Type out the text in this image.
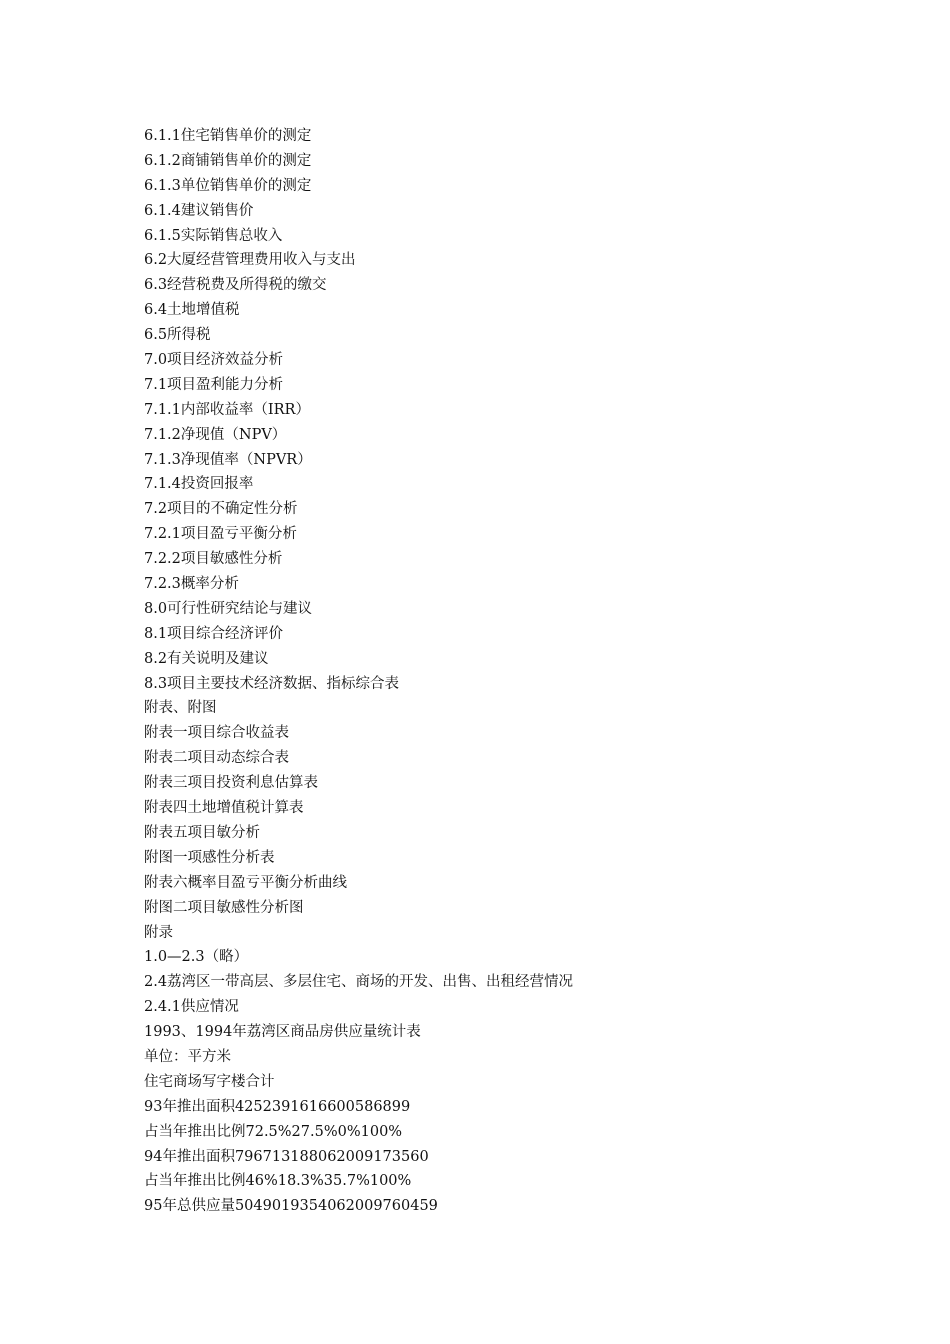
6.1.1住宅销售单价的测定
6.1.2商铺销售单价的测定
6.1.3单位销售单价的测定
6.1.4建议销售价
6.1.5实际销售总收入
6.2大厦经营管理费用收入与支出
6.3经营税费及所得税的缴交
6.4土地增值税
6.5所得税
7.0项目经济效益分析
7.1项目盈利能力分析
7.1.1内部收益率（IRR）
7.1.2净现值（NPV）
7.1.3净现值率（NPVR）
7.1.4投资回报率
7.2项目的不确定性分析
7.2.1项目盈亏平衡分析
7.2.2项目敏感性分析
7.2.3概率分析
8.0可行性研究结论与建议
8.1项目综合经济评价
8.2有关说明及建议
8.3项目主要技术经济数据、指标综合表
附表、附图
附表一项目综合收益表
附表二项目动态综合表
附表三项目投资利息估算表
附表四土地增值税计算表
附表五项目敏分析
附图一项感性分析表
附表六概率目盈亏平衡分析曲线
附图二项目敏感性分析图
附录
1.0—2.3（略）
2.4荔湾区一带高层、多层住宅、商场的开发、出售、出租经营情况
2.4.1供应情况
1993、1994年荔湾区商品房供应量统计表
单位：平方米
住宅商场写字楼合计
93年推出面积4252391616600586899
占当年推出比例72.5%27.5%0%100%
94年推出面积796713188062009173560
占当年推出比例46%18.3%35.7%100%
95年总供应量504901935406200976045​9
